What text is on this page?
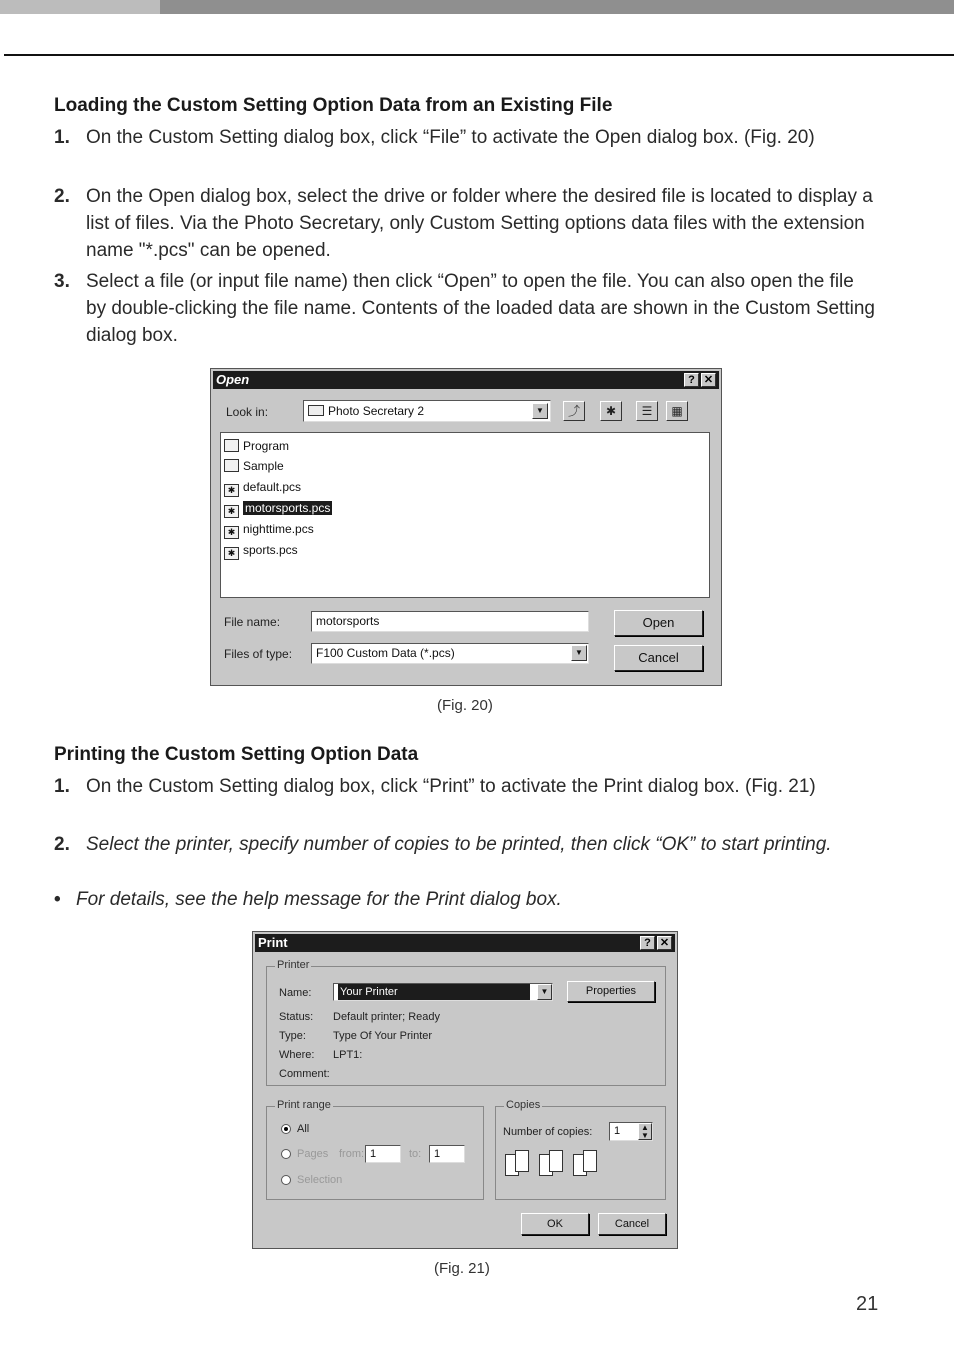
Loading the Custom Setting Option Data from an Existing File
1. On the Custom Setting dialog box, click “File” to activate the Open dialog box. (Fig. 20)
2. On the Open dialog box, select the drive or folder where the desired file is located to display a list of files. Via the Photo Secretary, only Custom Setting options data files with the extension name "*.pcs" can be opened.
3. Select a file (or input file name) then click “Open” to open the file. You can also open the file by double-clicking the file name. Contents of the loaded data are shown in the Custom Setting dialog box.
Open	? ✕
Look in:	Photo Secretary 2	▼	⤴	✱	☰	▦
Program
Sample
✱ default.pcs
✱ motorsports.pcs
✱ nighttime.pcs
✱ sports.pcs
File name:	motorsports
Files of type:	F100 Custom Data (*.pcs)	▼
Open
Cancel
(Fig. 20)
Printing the Custom Setting Option Data
1. On the Custom Setting dialog box, click “Print” to activate the Print dialog box. (Fig. 21)
2. Select the printer, specify number of copies to be printed, then click “OK” to start printing.
• For details, see the help message for the Print dialog box.
Print	? ✕
Printer
Name:	Your Printer	▼	Properties
Status: Default printer; Ready
Type: Type Of Your Printer
Where: LPT1:
Comment:
Print range
All
Pages from: 1	to:	1
Selection
Copies
Number of copies:	1	▲
▼
OK	Cancel
(Fig. 21)
21
